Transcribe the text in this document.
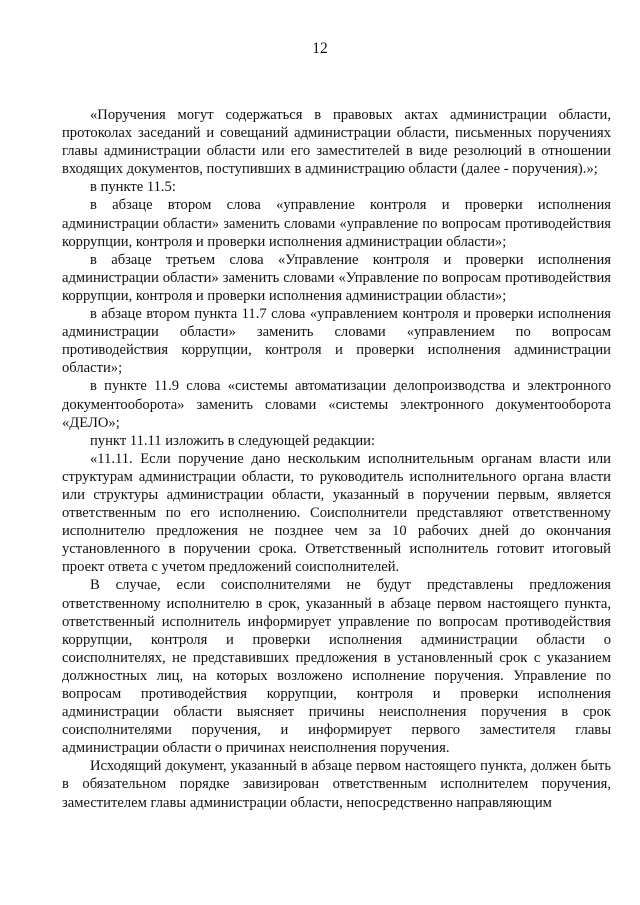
12

«Поручения могут содержаться в правовых актах администрации области, протоколах заседаний и совещаний администрации области, письменных поручениях главы администрации области или его заместителей в виде резолюций в отношении входящих документов, поступивших в администрацию области (далее - поручения).»;

в пункте 11.5:

в абзаце втором слова «управление контроля и проверки исполнения администрации области» заменить словами «управление по вопросам противодействия коррупции, контроля и проверки исполнения администрации области»;

в абзаце третьем слова «Управление контроля и проверки исполнения администрации области» заменить словами «Управление по вопросам противодействия коррупции, контроля и проверки исполнения администрации области»;

в абзаце втором пункта 11.7 слова «управлением контроля и проверки исполнения администрации области» заменить словами «управлением по вопросам противодействия коррупции, контроля и проверки исполнения администрации области»;

в пункте 11.9 слова «системы автоматизации делопроизводства и электронного документооборота» заменить словами «системы электронного документооборота «ДЕЛО»;

пункт 11.11 изложить в следующей редакции:

«11.11. Если поручение дано нескольким исполнительным органам власти или структурам администрации области, то руководитель исполнительного органа власти или структуры администрации области, указанный в поручении первым, является ответственным по его исполнению. Соисполнители представляют ответственному исполнителю предложения не позднее чем за 10 рабочих дней до окончания установленного в поручении срока. Ответственный исполнитель готовит итоговый проект ответа с учетом предложений соисполнителей.

В случае, если соисполнителями не будут представлены предложения ответственному исполнителю в срок, указанный в абзаце первом настоящего пункта, ответственный исполнитель информирует управление по вопросам противодействия коррупции, контроля и проверки исполнения администрации области о соисполнителях, не представивших предложения в установленный срок с указанием должностных лиц, на которых возложено исполнение поручения. Управление по вопросам противодействия коррупции, контроля и проверки исполнения администрации области выясняет причины неисполнения поручения в срок соисполнителями поручения, и информирует первого заместителя главы администрации области о причинах неисполнения поручения.

Исходящий документ, указанный в абзаце первом настоящего пункта, должен быть в обязательном порядке завизирован ответственным исполнителем поручения, заместителем главы администрации области, непосредственно направляющим
